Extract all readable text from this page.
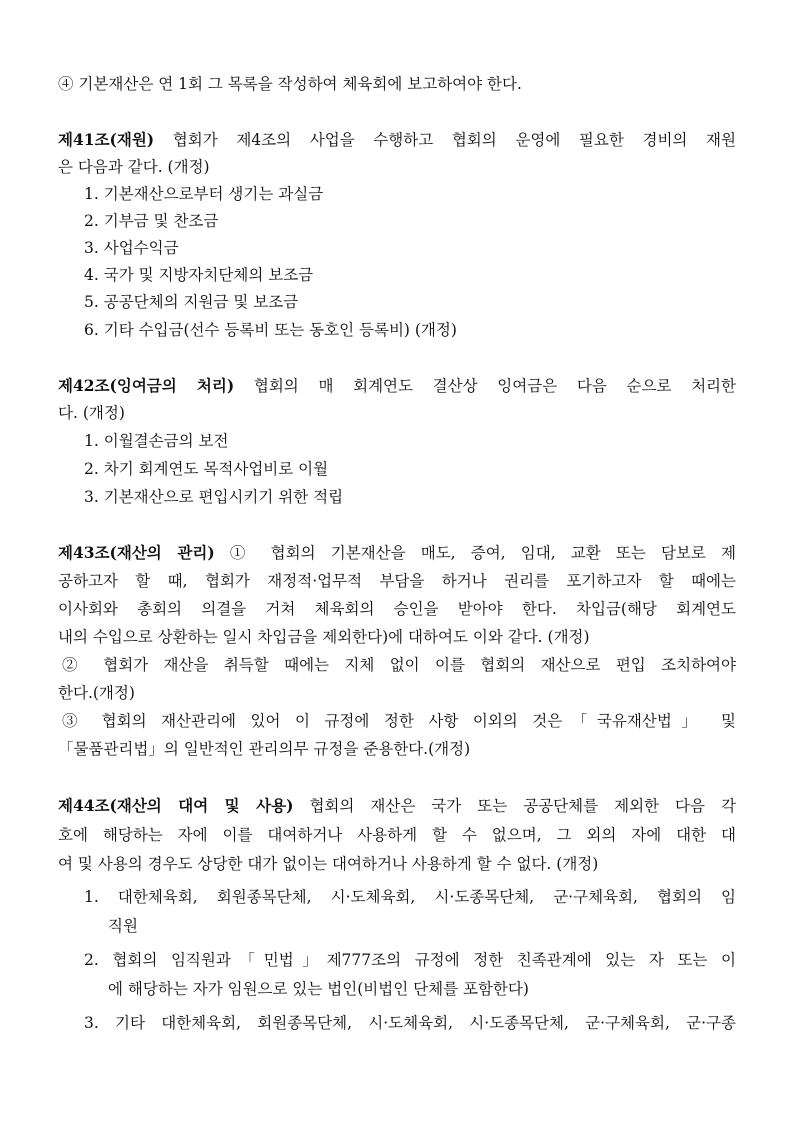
④ 기본재산은 연 1회 그 목록을 작성하여 체육회에 보고하여야 한다.
제41조(재원) 협회가 제4조의 사업을 수행하고 협회의 운영에 필요한 경비의 재원
은 다음과 같다. (개정)
1. 기본재산으로부터 생기는 과실금
2. 기부금 및 찬조금
3. 사업수익금
4. 국가 및 지방자치단체의 보조금
5. 공공단체의 지원금 및 보조금
6. 기타 수입금(선수 등록비 또는 동호인 등록비) (개정)
제42조(잉여금의 처리) 협회의 매 회계연도 결산상 잉여금은 다음 순으로 처리한
다. (개정)
1. 이월결손금의 보전
2. 차기 회계연도 목적사업비로 이월
3. 기본재산으로 편입시키기 위한 적립
제43조(재산의 관리) ① 협회의 기본재산을 매도, 증여, 임대, 교환 또는 담보로 제
공하고자 할 때, 협회가 재정적·업무적 부담을 하거나 권리를 포기하고자 할 때에는
이사회와 총회의 의결을 거쳐 체육회의 승인을 받아야 한다. 차입금(해당 회계연도
내의 수입으로 상환하는 일시 차입금을 제외한다)에 대하여도 이와 같다. (개정)
② 협회가 재산을 취득할 때에는 지체 없이 이를 협회의 재산으로 편입 조치하여야
한다.(개정)
③ 협회의 재산관리에 있어 이 규정에 정한 사항 이외의 것은「국유재산법」 및
「물품관리법」의 일반적인 관리의무 규정을 준용한다.(개정)
제44조(재산의 대여 및 사용) 협회의 재산은 국가 또는 공공단체를 제외한 다음 각
호에 해당하는 자에 이를 대여하거나 사용하게 할 수 없으며, 그 외의 자에 대한 대
여 및 사용의 경우도 상당한 대가 없이는 대여하거나 사용하게 할 수 없다. (개정)
1. 대한체육회, 회원종목단체, 시·도체육회, 시·도종목단체, 군·구체육회, 협회의 임
직원
2. 협회의 임직원과「민법」제777조의 규정에 정한 친족관계에 있는 자 또는 이
에 해당하는 자가 임원으로 있는 법인(비법인 단체를 포함한다)
3. 기타 대한체육회, 회원종목단체, 시·도체육회, 시·도종목단체, 군·구체육회, 군·구종
